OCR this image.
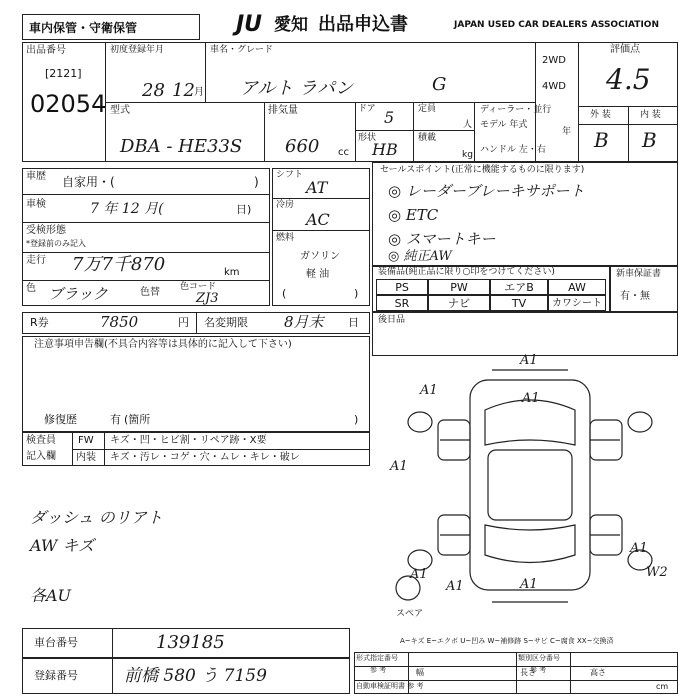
車内保管・守衛保管	JU 愛知 出品申込書	JAPAN USED CAR DEALERS ASSOCIATION
出品番号
[2121]
02054
初度登録年月
28 12 月
車名・グレード
アルト ラパン	G
2WD
4WD
評価点
4.5
外 装	内 装
B B
型式
DBA - HE33S
排気量
660 cc
ドア 5
形状
HB
定員
人
積載
kg
ディーラー・並行
モデル 年式
年
ハンドル 左・右
車歴 自家用・(	)
車検	7 年 12 月(	日)
受検形態
*登録前のみ記入
走行 7万7千870	km
色 ブラック	色替 色コード
ZJ3
シフト
AT
冷房
AC
燃料
ガソリン
軽 油
(	)
セールスポイント(正常に機能するものに限ります)
◎ レーダーブレーキサポート
◎ ETC
◎ スマートキー
◎ 純正AW
装備品(純正品に限り○印をつけてください)
PS	PW	エアB	AW
SR	ナビ	TV	カワシート
新車保証書
有・無
R券	7850	円 名変期限 8月末 日
注意事項申告欄(不具合内容等は具体的に記入して下さい)
修復歴	有 (箇所	)
後日品
検査員
記入欄
FW キズ・凹・ヒビ割・リペア跡・X要
内装 キズ・汚レ・コゲ・穴・ムレ・キレ・破レ
ダッシュ のリアト
AW キズ
各AU
A1
A1
A1
A1
A1
A1
A1
W2
A1
スペア
A~キズ E~エクボ U~凹み W~補修跡 S~サビ C~腐食 XX~交換済
車台番号	139185
登録番号	前橋 580 う 7159
形式指定番号
参 考
類別区分番号
参 考
幅	長さ	高さ
自動車検証明書 参 考	cm
